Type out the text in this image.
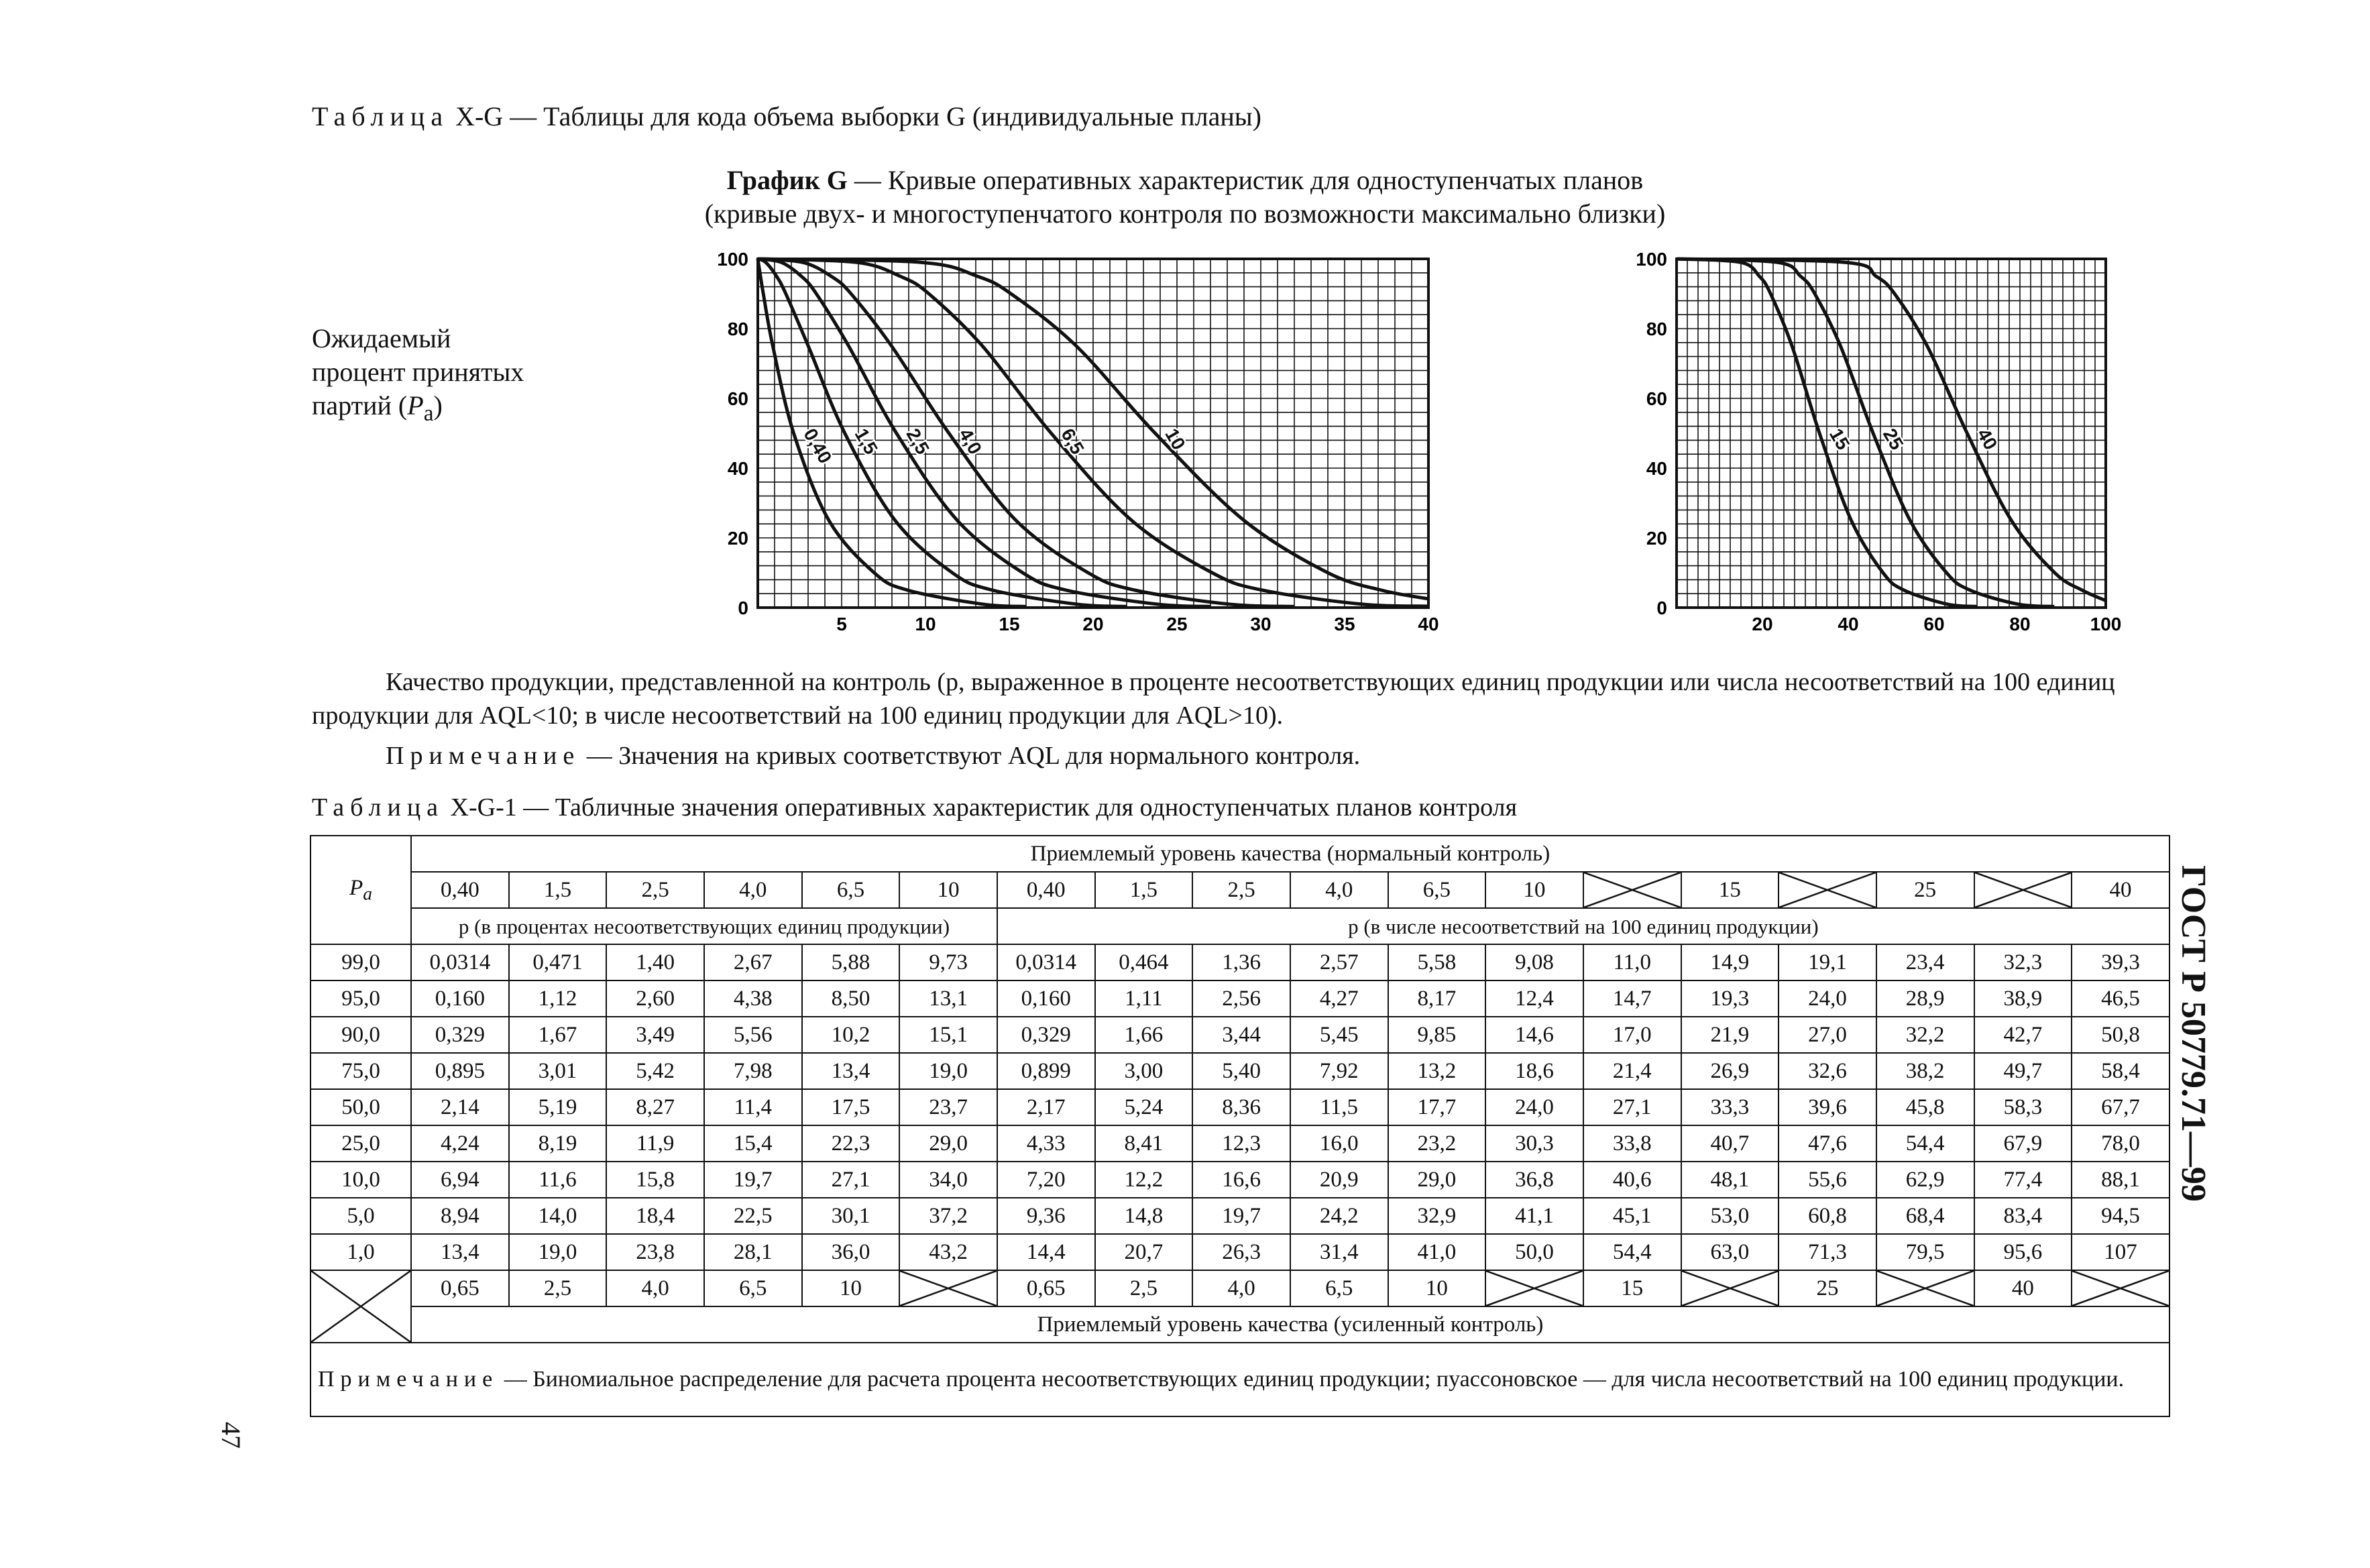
Таблица X-G — Таблицы для кода объема выборки G (индивидуальные планы)
График G — Кривые оперативных характеристик для одноступенчатых планов
(кривые двух- и многоступенчатого контроля по возможности максимально близки)
Ожидаемый
процент принятых
партий $(P_а)$
0
20
40
60
80
100
5	10	15	20	25	30	35	40
0,40 1,5 2,5 4,0	6,5	10
0
20
40
60
80
100
20	40	60	80	100
15 25	40
Качество продукции, представленной на контроль (p, выраженное в проценте несоответствующих единиц продукции или числа несоответствий на 100 единиц продукции для AQL<10; в числе несоответствий на 100 единиц продукции для AQL>10).
Примечание — Значения на кривых соответствуют AQL для нормального контроля.
Таблица X-G-1 — Табличные значения оперативных характеристик для одноступенчатых планов контроля
$P_а$	Приемлемый уровень качества (нормальный контроль)																	
	0,40	1,5	2,5	4,0	6,5	10	0,40	1,5	2,5	4,0	6,5	10		15		25		40
	p (в процентах несоответствующих единиц продукции)						p (в числе несоответствий на 100 единиц продукции)											
99,0	0,0314	0,471	1,40	2,67	5,88	9,73	0,0314	0,464	1,36	2,57	5,58	9,08	11,0	14,9	19,1	23,4	32,3	39,3
95,0	0,160	1,12	2,60	4,38	8,50	13,1	0,160	1,11	2,56	4,27	8,17	12,4	14,7	19,3	24,0	28,9	38,9	46,5
90,0	0,329	1,67	3,49	5,56	10,2	15,1	0,329	1,66	3,44	5,45	9,85	14,6	17,0	21,9	27,0	32,2	42,7	50,8
75,0	0,895	3,01	5,42	7,98	13,4	19,0	0,899	3,00	5,40	7,92	13,2	18,6	21,4	26,9	32,6	38,2	49,7	58,4
50,0	2,14	5,19	8,27	11,4	17,5	23,7	2,17	5,24	8,36	11,5	17,7	24,0	27,1	33,3	39,6	45,8	58,3	67,7
25,0	4,24	8,19	11,9	15,4	22,3	29,0	4,33	8,41	12,3	16,0	23,2	30,3	33,8	40,7	47,6	54,4	67,9	78,0
10,0	6,94	11,6	15,8	19,7	27,1	34,0	7,20	12,2	16,6	20,9	29,0	36,8	40,6	48,1	55,6	62,9	77,4	88,1
5,0	8,94	14,0	18,4	22,5	30,1	37,2	9,36	14,8	19,7	24,2	32,9	41,1	45,1	53,0	60,8	68,4	83,4	94,5
1,0	13,4	19,0	23,8	28,1	36,0	43,2	14,4	20,7	26,3	31,4	41,0	50,0	54,4	63,0	71,3	79,5	95,6	107

	0,65	2,5	4,0	6,5	10		0,65	2,5	4,0	6,5	10		15		25		40	

	Приемлемый уровень качества (усиленный контроль)																	
Примечание — Биномиальное распределение для расчета процента несоответствующих единиц продукции; пуассоновское — для числа несоответствий на 100 единиц продукции.																		
ГОСТ Р 50779.71—99
47
